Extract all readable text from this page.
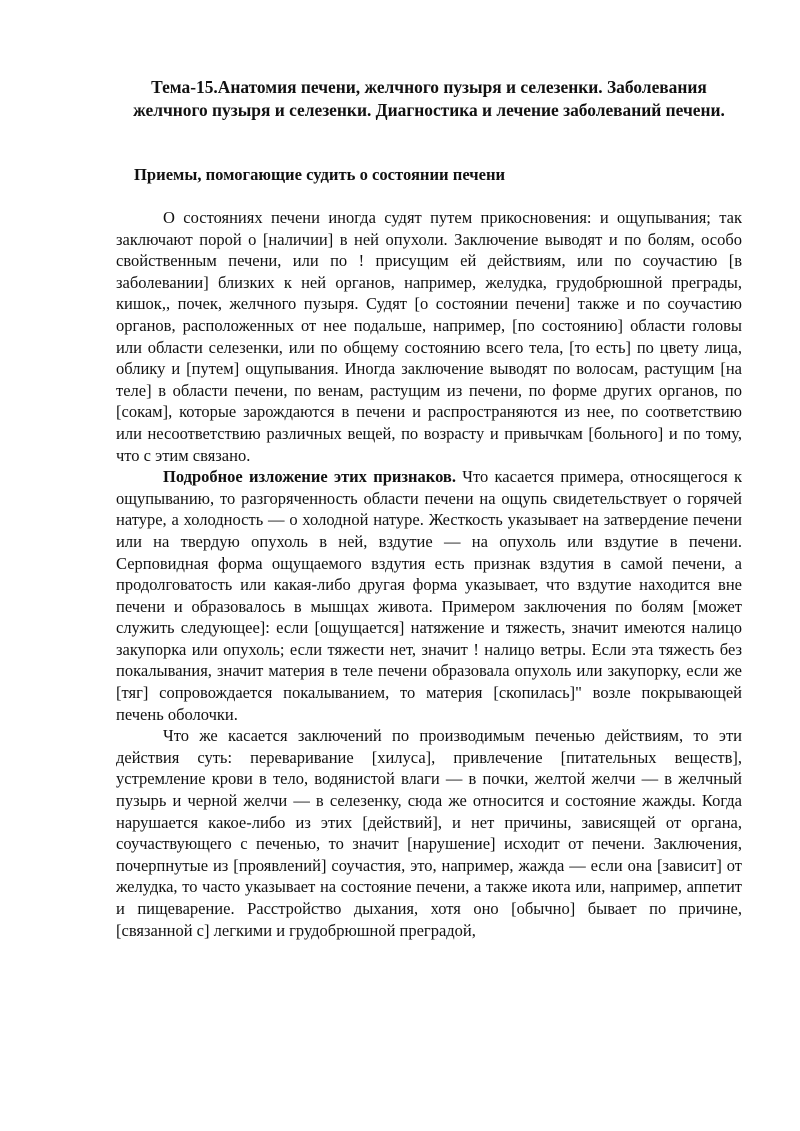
Тема-15.Анатомия печени, желчного пузыря и селезенки. Заболевания желчного пузыря и селезенки. Диагностика и лечение заболеваний печени.
Приемы, помогающие судить о состоянии печени

О состояниях печени иногда судят путем прикосновения: и ощупывания; так заключают порой о [наличии] в ней опухоли. Заключение выводят и по болям, особо свойственным печени, или по ! присущим ей действиям, или по соучастию [в заболевании] близких к ней органов, например, желудка, грудобрюшной преграды, кишок,, почек, желчного пузыря. Судят [о состоянии печени] также и по соучастию органов, расположенных от нее подальше, например, [по состоянию] области головы или области селезенки, или по общему состоянию всего тела, [то есть] по цвету лица, облику и [путем] ощупывания. Иногда заключение выводят по волосам, растущим [на теле] в области печени, по венам, растущим из печени, по форме других органов, по [сокам], которые зарождаются в печени и распространяются из нее, по соответствию или несоответствию различных вещей, по возрасту и привычкам [больного] и по тому, что с этим связано.

Подробное изложение этих признаков. Что касается примера, относящегося к ощупыванию, то разгоряченность области печени на ощупь свидетельствует о горячей натуре, а холодность — о холодной натуре. Жесткость указывает на затвердение печени или на твердую опухоль в ней, вздутие — на опухоль или вздутие в печени. Серповидная форма ощущаемого вздутия есть признак вздутия в самой печени, а продолговатость или какая-либо другая форма указывает, что вздутие находится вне печени и образовалось в мышцах живота. Примером заключения по болям [может служить следующее]: если [ощущается] натяжение и тяжесть, значит имеются налицо закупорка или опухоль; если тяжести нет, значит ! налицо ветры. Если эта тяжесть без покалывания, значит материя в теле печени образовала опухоль или закупорку, если же [тяг] сопровождается покалыванием, то материя [скопилась]" возле покрывающей печень оболочки.

Что же касается заключений по производимым печенью действиям, то эти действия суть: переваривание [хилуса], привлечение [питательных веществ], устремление крови в тело, водянистой влаги — в почки, желтой желчи — в желчный пузырь и черной желчи — в селезенку, сюда же относится и состояние жажды. Когда нарушается какое-либо из этих [действий], и нет причины, зависящей от органа, соучаствующего с печенью, то значит [нарушение] исходит от печени. Заключения, почерпнутые из [проявлений] соучастия, это, например, жажда — если она [зависит] от желудка, то часто указывает на состояние печени, а также икота или, например, аппетит и пищеварение. Расстройство дыхания, хотя оно [обычно] бывает по причине, [связанной с] легкими и грудобрюшной преградой,
